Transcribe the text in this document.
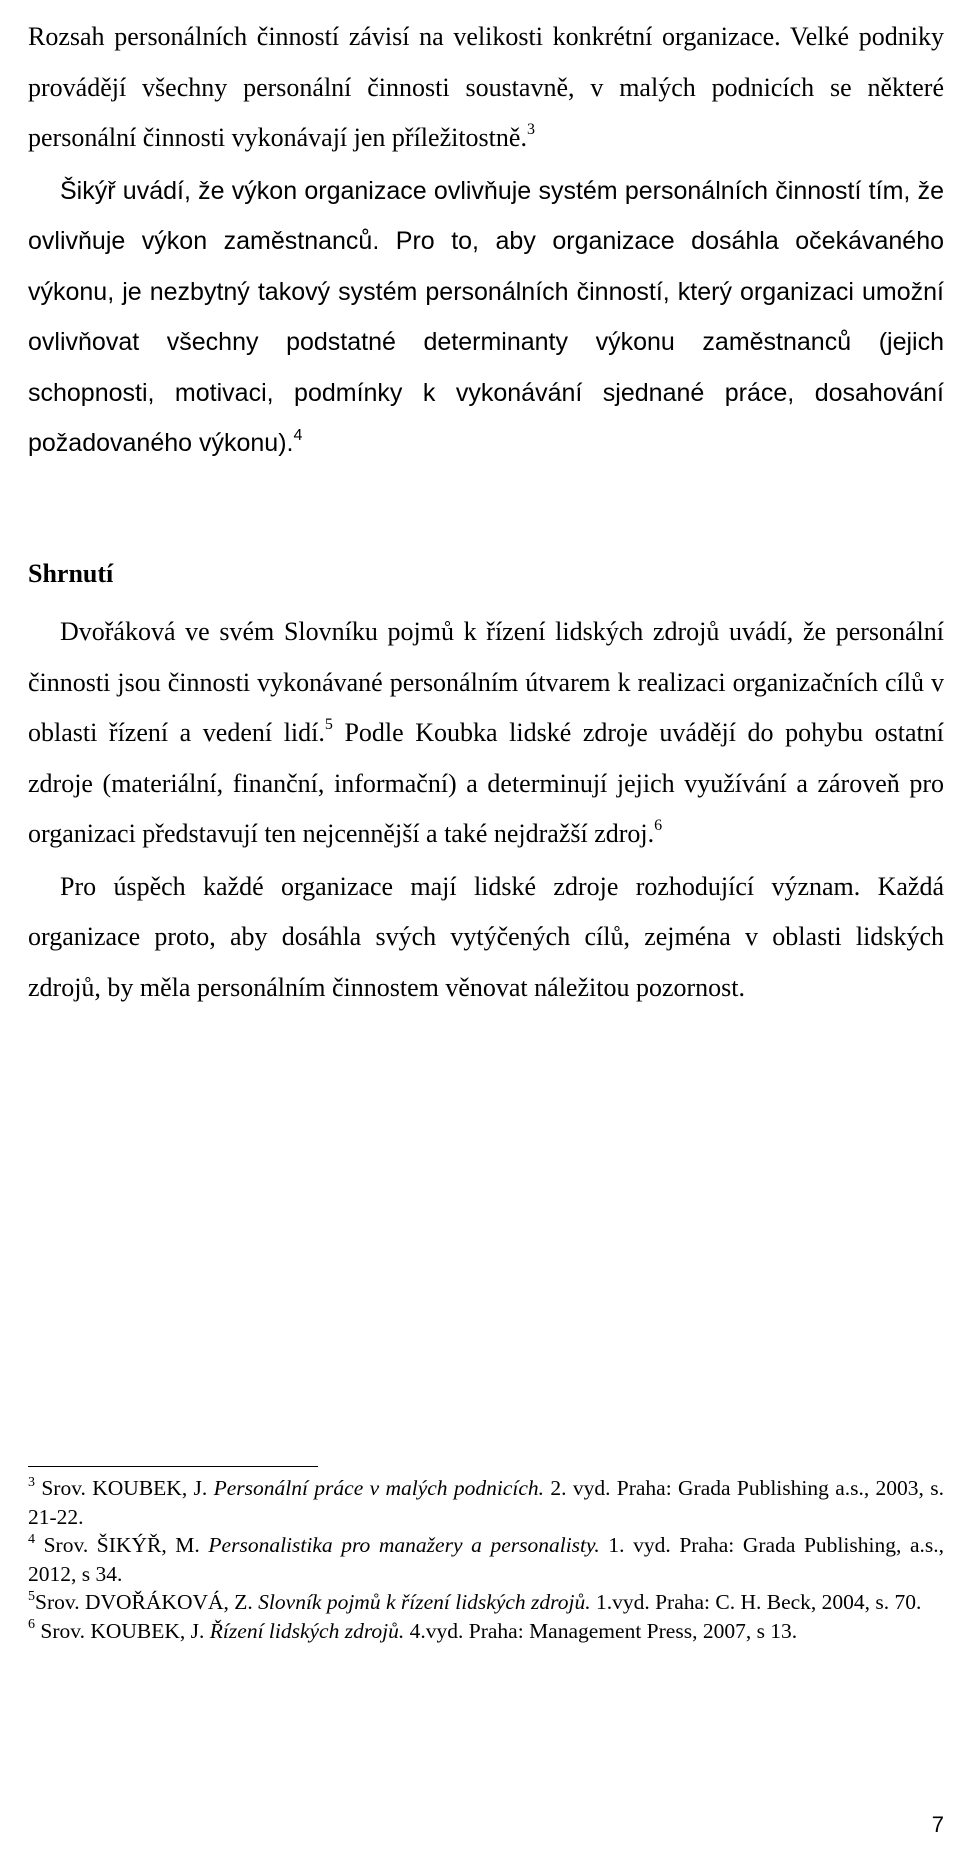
Rozsah personálních činností závisí na velikosti konkrétní organizace. Velké podniky provádějí všechny personální činnosti soustavně, v malých podnicích se některé personální činnosti vykonávají jen příležitostně.$^3$

Šikýř uvádí, že výkon organizace ovlivňuje systém personálních činností tím, že ovlivňuje výkon zaměstnanců. Pro to, aby organizace dosáhla očekávaného výkonu, je nezbytný takový systém personálních činností, který organizaci umožní ovlivňovat všechny podstatné determinanty výkonu zaměstnanců (jejich schopnosti, motivaci, podmínky k vykonávání sjednané práce, dosahování požadovaného výkonu).$^4$

Shrnutí

Dvořáková ve svém Slovníku pojmů k řízení lidských zdrojů uvádí, že personální činnosti jsou činnosti vykonávané personálním útvarem k realizaci organizačních cílů v oblasti řízení a vedení lidí.$^5$ Podle Koubka lidské zdroje uvádějí do pohybu ostatní zdroje (materiální, finanční, informační) a determinují jejich využívání a zároveň pro organizaci představují ten nejcennější a také nejdražší zdroj.$^6$

Pro úspěch každé organizace mají lidské zdroje rozhodující význam. Každá organizace proto, aby dosáhla svých vytýčených cílů, zejména v oblasti lidských zdrojů, by měla personálním činnostem věnovat náležitou pozornost.

$^3$ Srov. KOUBEK, J. Personální práce v malých podnicích. 2. vyd. Praha: Grada Publishing a.s., 2003, s. 21-22.

$^4$ Srov. ŠIKÝŘ, M. Personalistika pro manažery a personalisty. 1. vyd. Praha: Grada Publishing, a.s., 2012, s 34.

$^5$Srov. DVOŘÁKOVÁ, Z. Slovník pojmů k řízení lidských zdrojů. 1.vyd. Praha: C. H. Beck, 2004, s. 70.

$^6$ Srov. KOUBEK, J. Řízení lidských zdrojů. 4.vyd. Praha: Management Press, 2007, s 13.

7
